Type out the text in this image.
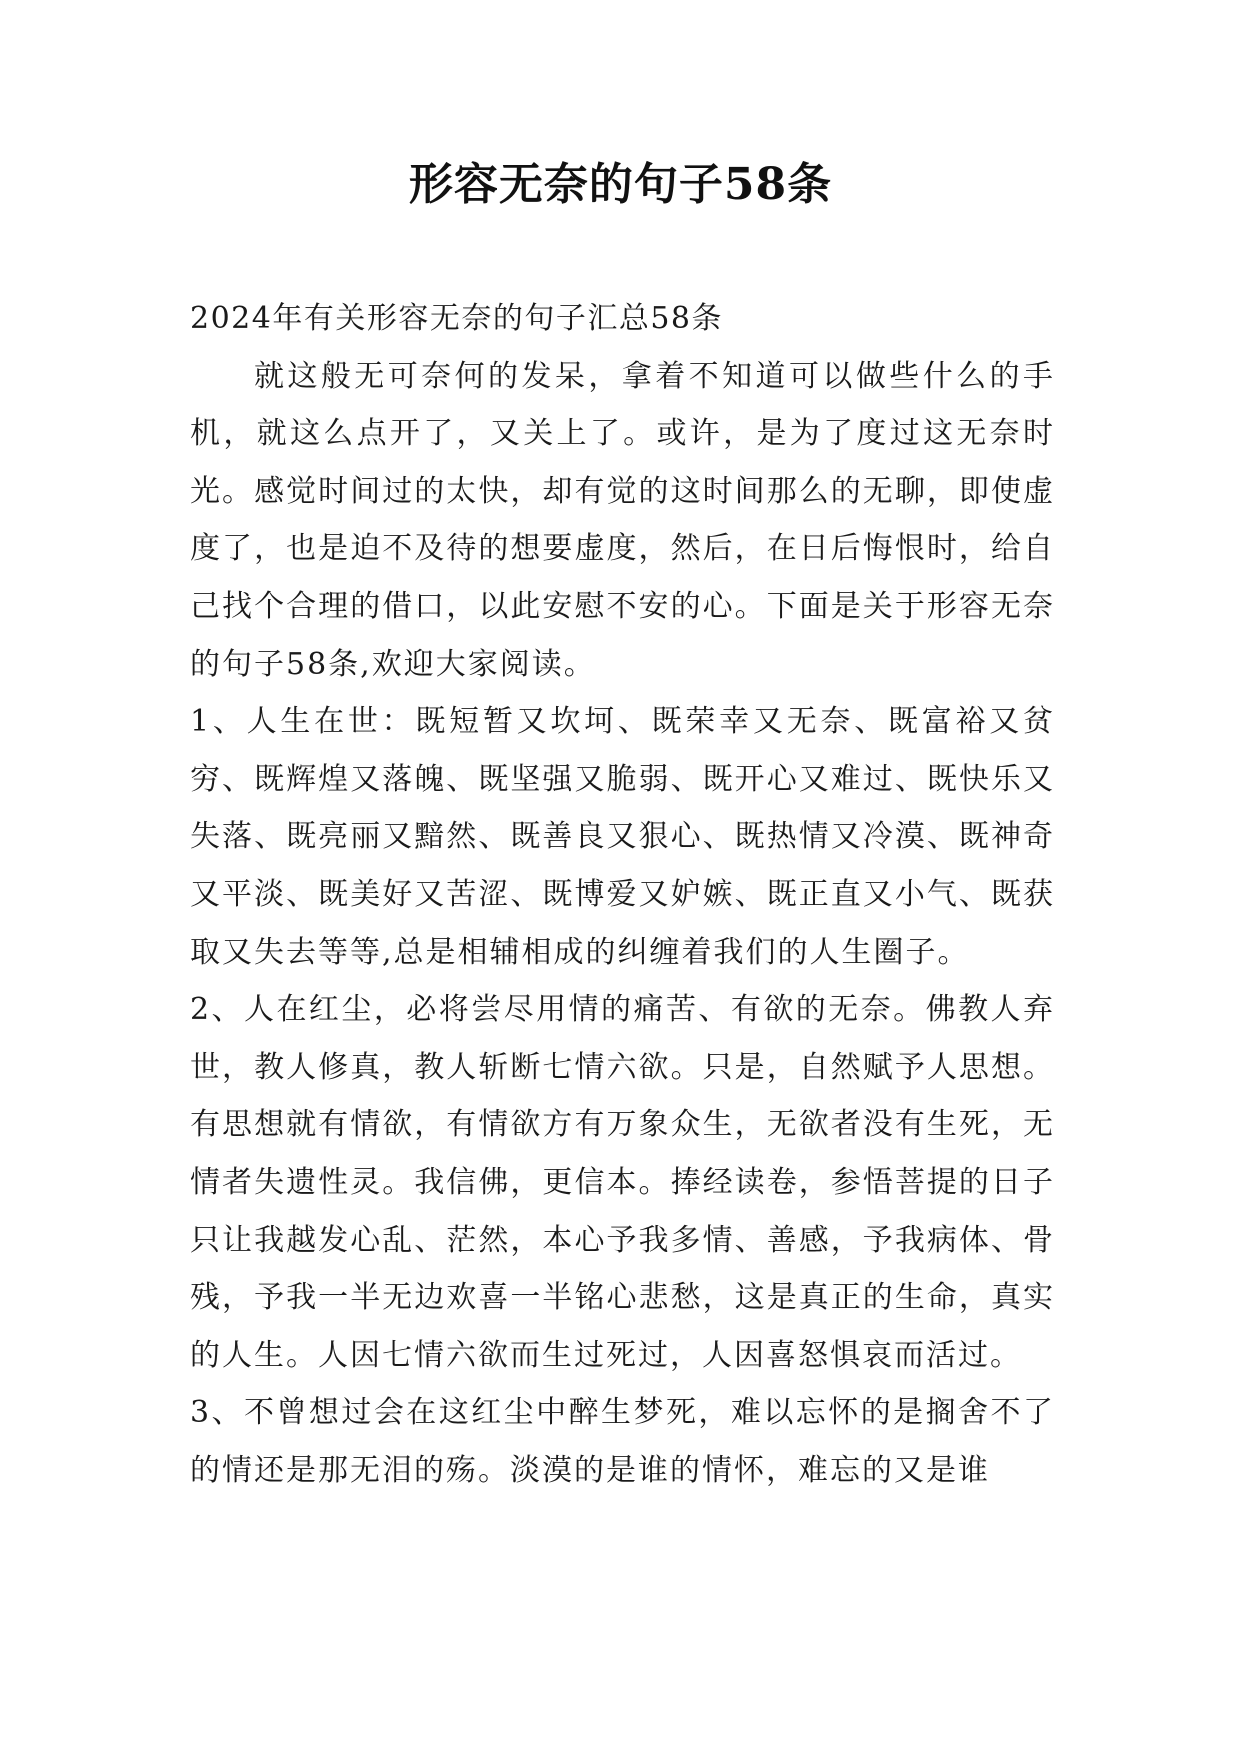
形容无奈的句子58条

2024年有关形容无奈的句子汇总58条

就这般无可奈何的发呆，拿着不知道可以做些什么的手机，就这么点开了，又关上了。或许，是为了度过这无奈时光。感觉时间过的太快，却有觉的这时间那么的无聊，即使虚度了，也是迫不及待的想要虚度，然后，在日后悔恨时，给自己找个合理的借口，以此安慰不安的心。下面是关于形容无奈的句子58条,欢迎大家阅读。

1、人生在世：既短暂又坎坷、既荣幸又无奈、既富裕又贫穷、既辉煌又落魄、既坚强又脆弱、既开心又难过、既快乐又失落、既亮丽又黯然、既善良又狠心、既热情又冷漠、既神奇又平淡、既美好又苦涩、既博爱又妒嫉、既正直又小气、既获取又失去等等,总是相辅相成的纠缠着我们的人生圈子。

2、人在红尘，必将尝尽用情的痛苦、有欲的无奈。佛教人弃世，教人修真，教人斩断七情六欲。只是，自然赋予人思想。有思想就有情欲，有情欲方有万象众生，无欲者没有生死，无情者失遗性灵。我信佛，更信本。捧经读卷，参悟菩提的日子只让我越发心乱、茫然，本心予我多情、善感，予我病体、骨残，予我一半无边欢喜一半铭心悲愁，这是真正的生命，真实的人生。人因七情六欲而生过死过，人因喜怒惧哀而活过。

3、不曾想过会在这红尘中醉生梦死，难以忘怀的是搁舍不了的情还是那无泪的殇。淡漠的是谁的情怀，难忘的又是谁
